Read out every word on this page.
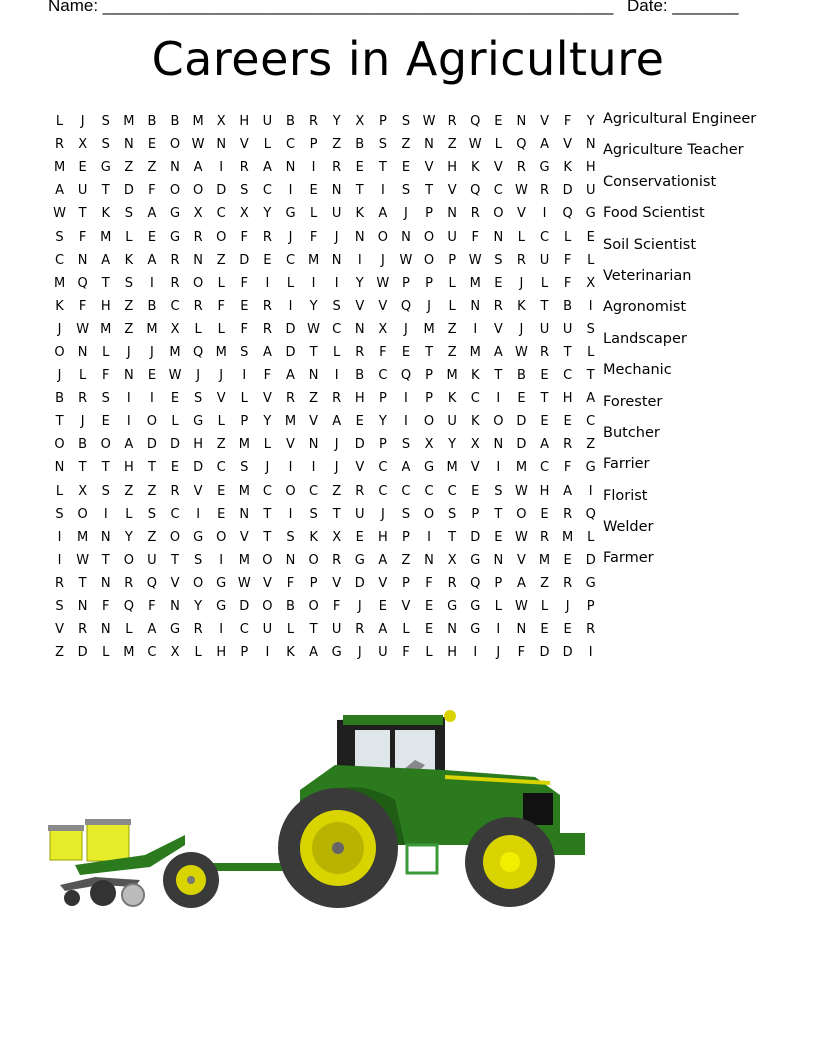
Name: ______________________________________________________ Date: _______
Careers in Agriculture
L	J	S	M	B	B	M	X	H	U	B	R	Y	X	P	S W R	Q	E	N	V	F	Y
R	X	S	N	E	O W N	V	L	C	P	Z	B	S	Z	N	Z W	L	Q	A	V	N
M	E	G	Z	Z	N	A	I	R	A	N	I	R	E	T	E	V	H	K	V	R	G	K	H
A	U	T	D	F	O O D	S	C	I	E	N	T	I	S	T	V	Q	C W R	D	U
W T	K	S	A	G	X	C	X	Y	G	L	U	K	A	J	P	N	R	O	V	I	Q G
S	F	M	L	E	G	R	O	F	R	J	F	J	N	O	N	O	U	F	N	L	C	L	E
C	N	A	K	A	R	N	Z	D	E	C M N	I	J	W O	P W S	R	U	F	L
M Q	T	S	I	R	O	L	F	I	L	I	I	Y W P	P	L	M	E	J	L	F	X
K	F	H	Z	B	C	R	F	E	R	I	Y	S	V	V	Q	J	L	N	R	K	T	B	I
J	W M	Z	M	X	L	L	F	R	D W C	N	X	J	M	Z	I	V	J	U	U	S
O	N	L	J	J	M Q M	S	A	D	T	L	R	F	E	T	Z	M	A W R	T	L
J	L	F	N	E W	J	J	I	F	A	N	I	B	C	Q	P	M	K	T	B	E	C	T
B	R	S	I	I	E	S	V	L	V	R	Z	R	H	P	I	P	K	C	I	E	T	H	A
T	J	E	I	O	L	G	L	P	Y	M	V	A	E	Y	I	O	U	K	O D	E	E	C
O	B	O	A	D	D	H	Z	M	L	V	N	J	D	P	S	X	Y	X	N	D	A	R	Z
N	T	T	H	T	E	D	C	S	J	I	I	J	V	C	A	G M	V	I	M C	F	G
L	X	S	Z	Z	R	V	E	M C	O	C	Z	R	C	C	C	C	E	S W H	A	I
S	O	I	L	S	C	I	E	N	T	I	S	T	U	J	S	O	S	P	T	O	E	R	Q
I	M N	Y	Z	O G O	V	T	S	K	X	E	H	P	I	T	D	E W R M	L
I	W T	O	U	T	S	I	M O	N	O	R	G	A	Z	N	X	G	N	V	M	E	D
R	T	N	R	Q	V	O G W V	F	P	V	D	V	P	F	R	Q	P	A	Z	R	G
S	N	F	Q	F	N	Y	G	D O	B	O	F	J	E	V	E	G	G	L	W	L	J	P
V	R	N	L	A	G	R	I	C	U	L	T	U	R	A	L	E	N	G	I	N	E	E	R
Z	D	L	M C	X	L	H	P	I	K	A	G	J	U	F	L	H	I	J	F	D	D	I
Agricultural Engineer
Agriculture Teacher
Conservationist
Food Scientist
Soil Scientist
Veterinarian
Agronomist
Landscaper
Mechanic
Forester
Butcher
Farrier
Florist
Welder
Farmer
